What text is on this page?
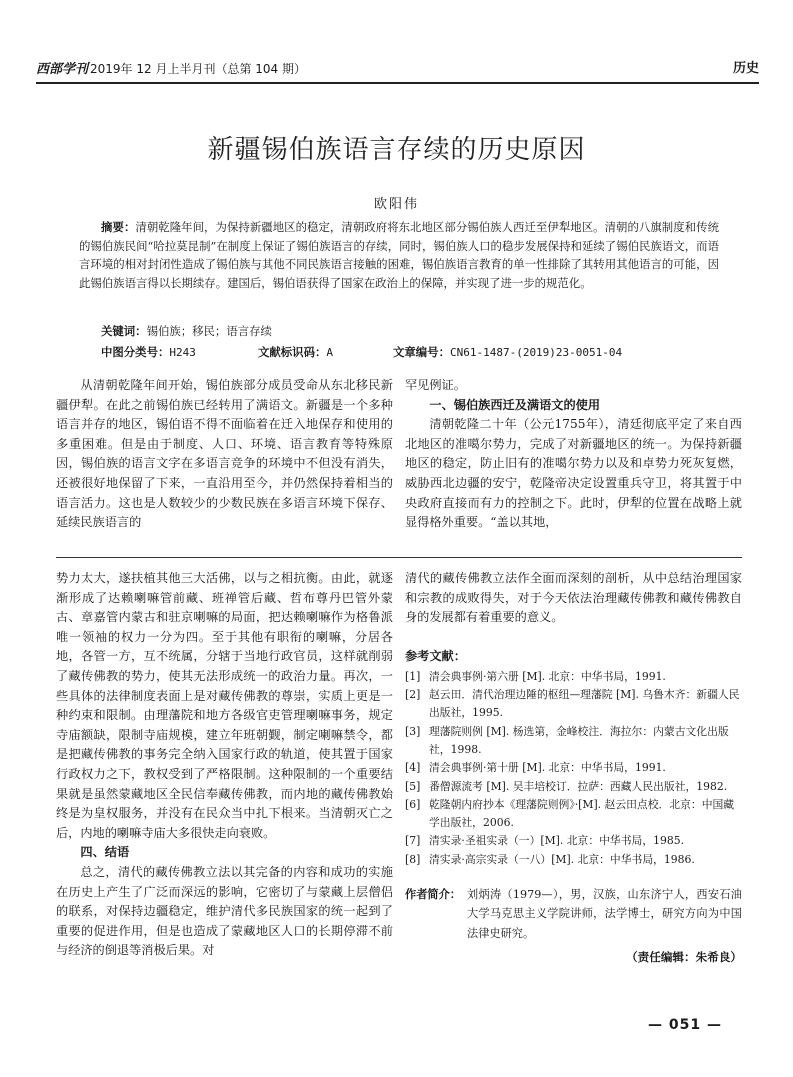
西部学刊 2019年 12 月上半月刊（总第 104 期）	历史
新疆锡伯族语言存续的历史原因
欧阳伟
摘要：清朝乾隆年间，为保持新疆地区的稳定，清朝政府将东北地区部分锡伯族人西迁至伊犁地区。清朝的八旗制度和传统的锡伯族民间“哈拉莫昆制”在制度上保证了锡伯族语言的存续，同时，锡伯族人口的稳步发展保持和延续了锡伯民族语文，而语言环境的相对封闭性造成了锡伯族与其他不同民族语言接触的困难，锡伯族语言教育的单一性排除了其转用其他语言的可能，因此锡伯族语言得以长期续存。建国后，锡伯语获得了国家在政治上的保障，并实现了进一步的规范化。
关键词：锡伯族；移民；语言存续
中图分类号：H243	文献标识码：A	文章编号：CN61-1487-(2019)23-0051-04

从清朝乾隆年间开始，锡伯族部分成员受命从东北移民新疆伊犁。在此之前锡伯族已经转用了满语文。新疆是一个多种语言并存的地区，锡伯语不得不面临着在迁入地保存和使用的多重困难。但是由于制度、人口、环境、语言教育等特殊原因，锡伯族的语言文字在多语言竞争的环境中不但没有消失，还被很好地保留了下来，一直沿用至今，并仍然保持着相当的语言活力。这也是人数较少的少数民族在多语言环境下保存、延续民族语言的

罕见例证。

一、锡伯族西迁及满语文的使用

清朝乾隆二十年（公元1755年），清廷彻底平定了来自西北地区的准噶尔势力，完成了对新疆地区的统一。为保持新疆地区的稳定，防止旧有的准噶尔势力以及和卓势力死灰复燃，威胁西北边疆的安宁，乾隆帝决定设置重兵守卫，将其置于中央政府直接而有力的控制之下。此时，伊犁的位置在战略上就显得格外重要。“盖以其地，

势力太大，遂扶植其他三大活佛，以与之相抗衡。由此，就逐渐形成了达赖喇嘛管前藏、班禅管后藏、哲布尊丹巴管外蒙古、章嘉管内蒙古和驻京喇嘛的局面，把达赖喇嘛作为格鲁派唯一领袖的权力一分为四。至于其他有职衔的喇嘛，分居各地，各管一方，互不统属，分辖于当地行政官员，这样就削弱了藏传佛教的势力，使其无法形成统一的政治力量。再次，一些具体的法律制度表面上是对藏传佛教的尊崇，实质上更是一种约束和限制。由理藩院和地方各级官吏管理喇嘛事务，规定寺庙额缺，限制寺庙规模，建立年班朝觐，制定喇嘛禁令，都是把藏传佛教的事务完全纳入国家行政的轨道，使其置于国家行政权力之下，教权受到了严格限制。这种限制的一个重要结果就是虽然蒙藏地区全民信奉藏传佛教，而内地的藏传佛教始终是为皇权服务，并没有在民众当中扎下根来。当清朝灭亡之后，内地的喇嘛寺庙大多很快走向衰败。

四、结语

总之，清代的藏传佛教立法以其完备的内容和成功的实施在历史上产生了广泛而深远的影响，它密切了与蒙藏上层僧侣的联系，对保持边疆稳定，维护清代多民族国家的统一起到了重要的促进作用，但是也造成了蒙藏地区人口的长期停滞不前与经济的倒退等消极后果。对

清代的藏传佛教立法作全面而深刻的剖析，从中总结治理国家和宗教的成败得失，对于今天依法治理藏传佛教和藏传佛教自身的发展都有着重要的意义。

参考文献：
[1] 清会典事例·第六册 [M]. 北京：中华书局，1991.
[2] 赵云田．清代治理边陲的枢纽—理藩院 [M]. 乌鲁木齐：新疆人民出版社，1995.
[3] 理藩院则例 [M]. 杨选第，金峰校注．海拉尔：内蒙古文化出版社，1998.
[4] 清会典事例·第十册 [M]. 北京：中华书局，1991.
[5] 番僧源流考 [M]. 吴丰培校订．拉萨：西藏人民出版社，1982.
[6] 乾隆朝内府抄本《理藩院则例》·[M]. 赵云田点校．北京：中国藏学出版社，2006.
[7] 清实录·圣祖实录（一）[M]. 北京：中华书局，1985.
[8] 清实录·高宗实录（一八）[M]. 北京：中华书局，1986.
作者简介： 刘炳涛（1979—），男，汉族，山东济宁人，西安石油大学马克思主义学院讲师，法学博士，研究方向为中国法律史研究。
（责任编辑：朱希良）
— 051 —
